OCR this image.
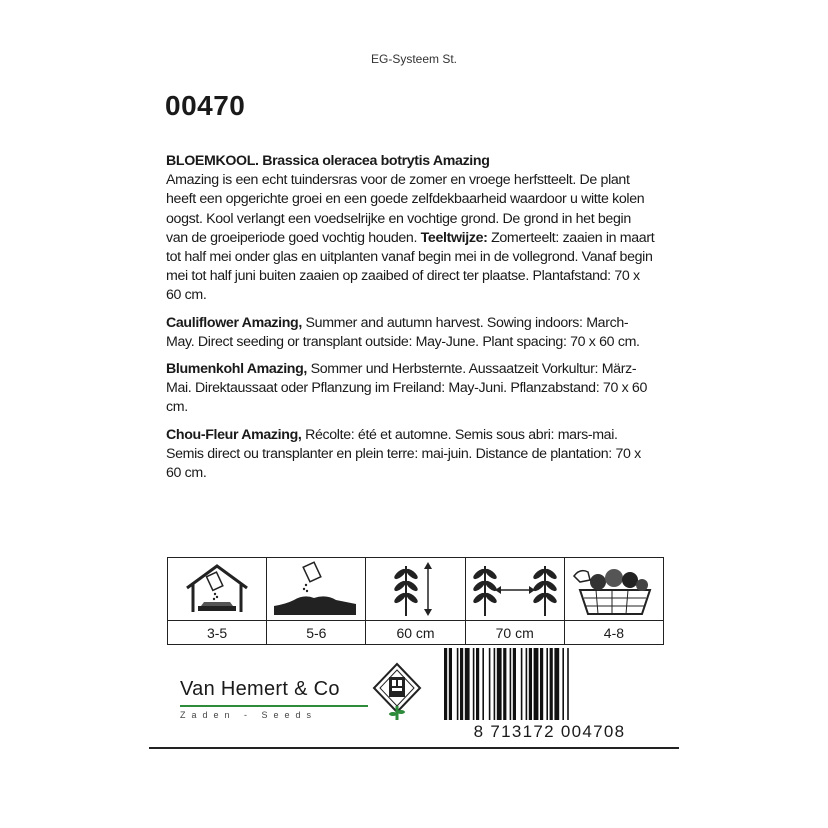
EG-Systeem St.
00470

BLOEMKOOL. Brassica oleracea botrytis Amazing
Amazing is een echt tuindersras voor de zomer en vroege herfstteelt. De plant heeft een opgerichte groei en een goede zelfdekbaarheid waardoor u witte kolen oogst. Kool verlangt een voedselrijke en vochtige grond. De grond in het begin van de groeiperiode goed vochtig houden. Teeltwijze: Zomerteelt: zaaien in maart tot half mei onder glas en uitplanten vanaf begin mei in de vollegrond. Vanaf begin mei tot half juni buiten zaaien op zaaibed of direct ter plaatse. Plantafstand: 70 x 60 cm.

Cauliflower Amazing, Summer and autumn harvest. Sowing indoors: March-May. Direct seeding or transplant outside: May-June. Plant spacing: 70 x 60 cm.

Blumenkohl Amazing, Sommer und Herbsternte. Aussaatzeit Vorkultur: März-Mai. Direktaussaat oder Pflanzung im Freiland: May-Juni. Pflanzabstand: 70 x 60 cm.

Chou-Fleur Amazing, Récolte: été et automne. Semis sous abri: mars-mai. Semis direct ou transplanter en plein terre: mai-juin. Distance de plantation: 70 x 60 cm.

3-5	5-6	60 cm	70 cm	4-8
Van Hemert & Co
Zaden - Seeds
8 713172 004708
